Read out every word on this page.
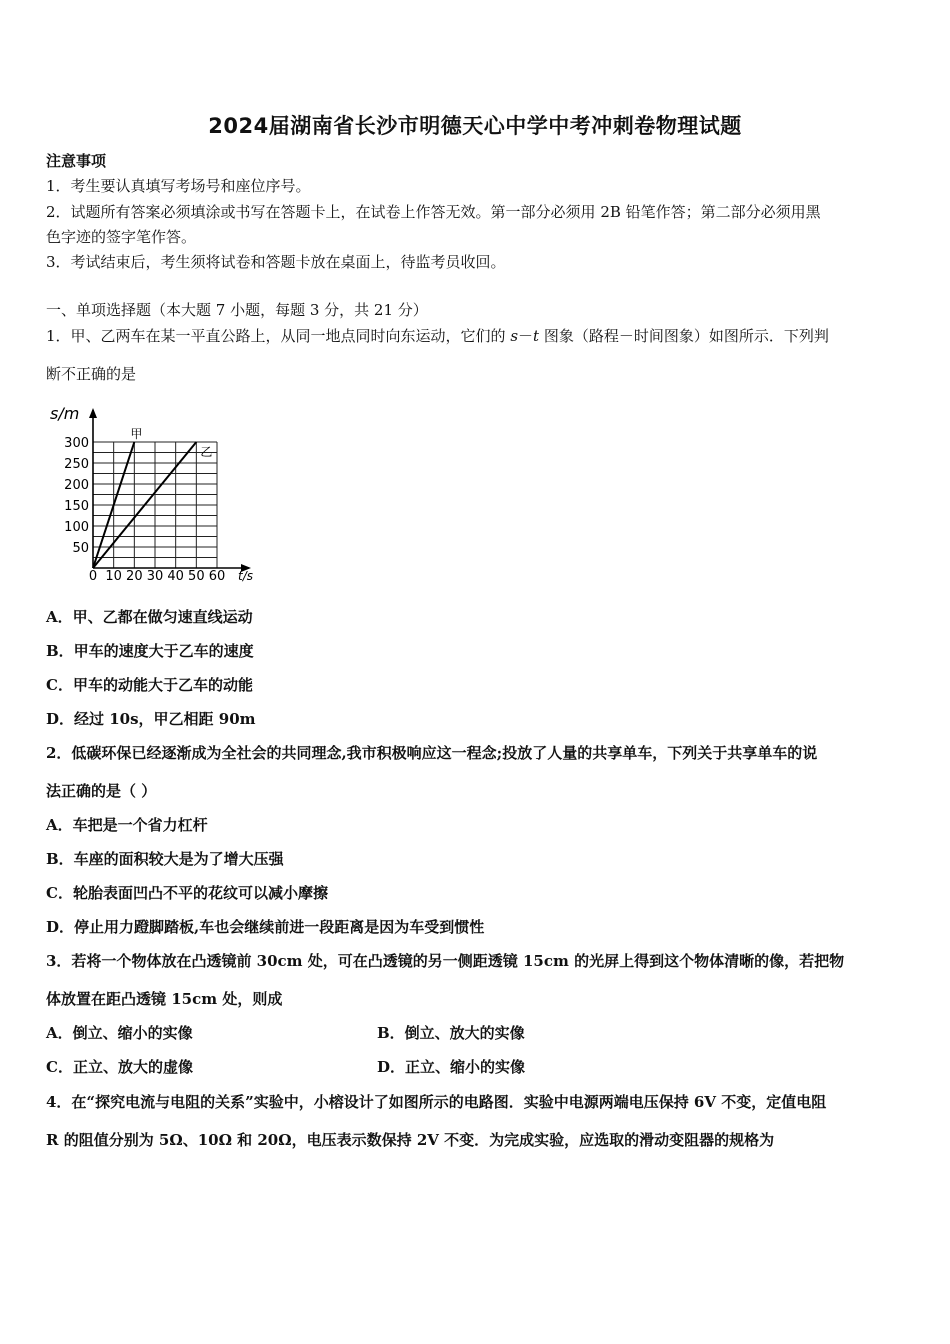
2024届湖南省长沙市明德天心中学中考冲刺卷物理试题
注意事项
1．考生要认真填写考场号和座位序号。
2．试题所有答案必须填涂或书写在答题卡上，在试卷上作答无效。第一部分必须用 2B 铅笔作答；第二部分必须用黑
色字迹的签字笔作答。
3．考试结束后，考生须将试卷和答题卡放在桌面上，待监考员收回。
一、单项选择题（本大题 7 小题，每题 3 分，共 21 分）
1．甲、乙两车在某一平直公路上，从同一地点同时向东运动，它们的 s－t 图象（路程－时间图象）如图所示．下列判
断不正确的是
0 10 20 30 40 50 60
50
100
150
200
250
300
s/m
t/s
甲
乙
A．甲、乙都在做匀速直线运动
B．甲车的速度大于乙车的速度
C．甲车的动能大于乙车的动能
D．经过 10s，甲乙相距 90m
2．低碳环保已经逐渐成为全社会的共同理念,我市积极响应这一程念;投放了人量的共享单车，下列关于共享单车的说
法正确的是（ ）
A．车把是一个省力杠杆
B．车座的面积较大是为了增大压强
C．轮胎表面凹凸不平的花纹可以减小摩擦
D．停止用力蹬脚踏板,车也会继续前进一段距离是因为车受到惯性
3．若将一个物体放在凸透镜前 30cm 处，可在凸透镜的另一侧距透镜 15cm 的光屏上得到这个物体清晰的像，若把物
体放置在距凸透镜 15cm 处，则成
A．倒立、缩小的实像	B．倒立、放大的实像
C．正立、放大的虚像	D．正立、缩小的实像
4．在“探究电流与电阻的关系”实验中，小榕设计了如图所示的电路图．实验中电源两端电压保持 6V 不变，定值电阻
R 的阻值分别为 5Ω、10Ω 和 20Ω，电压表示数保持 2V 不变．为完成实验，应选取的滑动变阻器的规格为
